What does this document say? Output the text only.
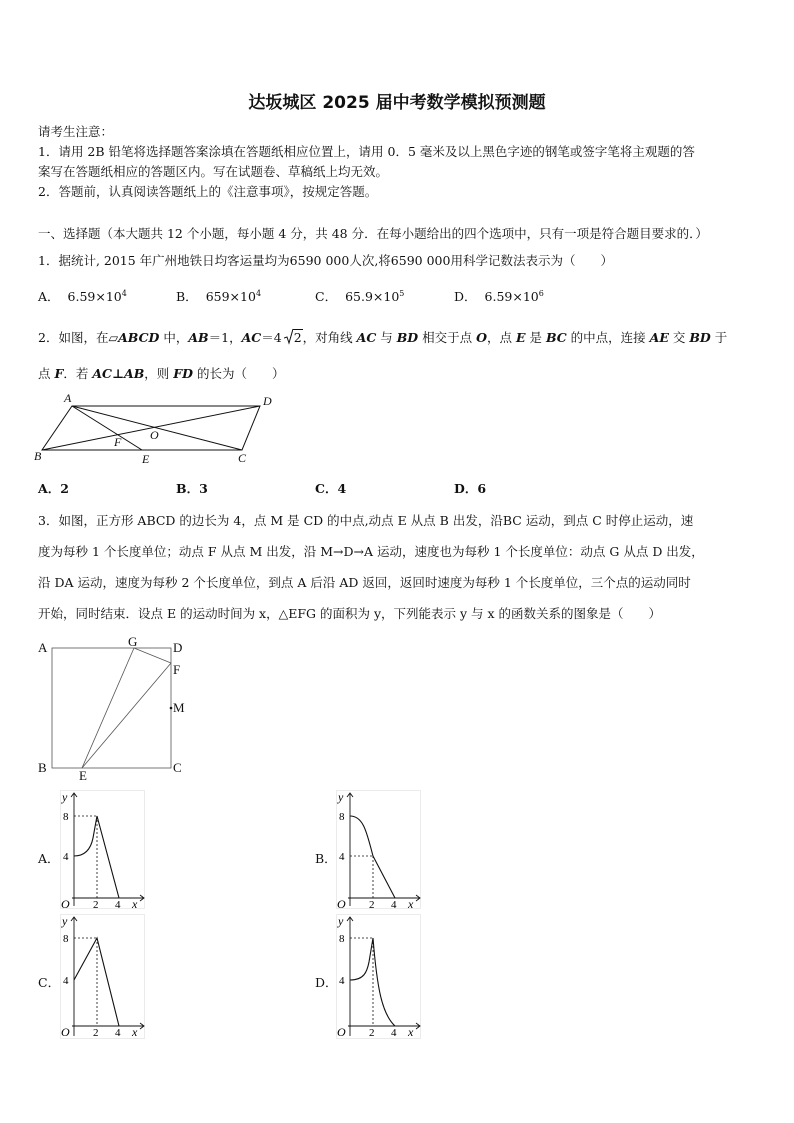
达坂城区 2025 届中考数学模拟预测题
请考生注意：
1．请用 2B 铅笔将选择题答案涂填在答题纸相应位置上，请用 0．5 毫米及以上黑色字迹的钢笔或签字笔将主观题的答
案写在答题纸相应的答题区内。写在试题卷、草稿纸上均无效。
2．答题前，认真阅读答题纸上的《注意事项》，按规定答题。
一、选择题（本大题共 12 个小题，每小题 4 分，共 48 分．在每小题给出的四个选项中，只有一项是符合题目要求的．）
1．据统计, 2015 年广州地铁日均客运量均为6590 000人次,将6590 000用科学记数法表示为（　　）
A． $6.59\times 10^4$	B． $659\times 10^4$	C． $65.9\times 10^5$	D． $6.59\times 10^6$
2．如图，在▱ABCD 中，AB＝1，AC＝4 2，对角线 AC 与 BD 相交于点 O，点 E 是 BC 的中点，连接 AE 交 BD 于
点 F．若 AC⊥AB，则 FD 的长为（　　）
A	D
B	C
F O
E
A．2	B．3	C．4	D．6
3．如图，正方形 ABCD 的边长为 4，点 M 是 CD 的中点,动点 E 从点 B 出发，沿BC 运动，到点 C 时停止运动，速
度为每秒 1 个长度单位；动点 F 从点 M 出发，沿 M→D→A 运动，速度也为每秒 1 个长度单位：动点 G 从点 D 出发，
沿 DA 运动，速度为每秒 2 个长度单位，到点 A 后沿 AD 返回，返回时速度为每秒 1 个长度单位，三个点的运动同时
开始，同时结束．设点 E 的运动时间为 x，△EFG 的面积为 y，下列能表示 y 与 x 的函数关系的图象是（　　）
A	G	D
F
M
B
E
C
A．	B．
C．	D．
y
8
4
O 2 4 x
y
8
4
O 2 4 x
y
8
4
O 2 4 x
y
8
4
O 2 4 x
